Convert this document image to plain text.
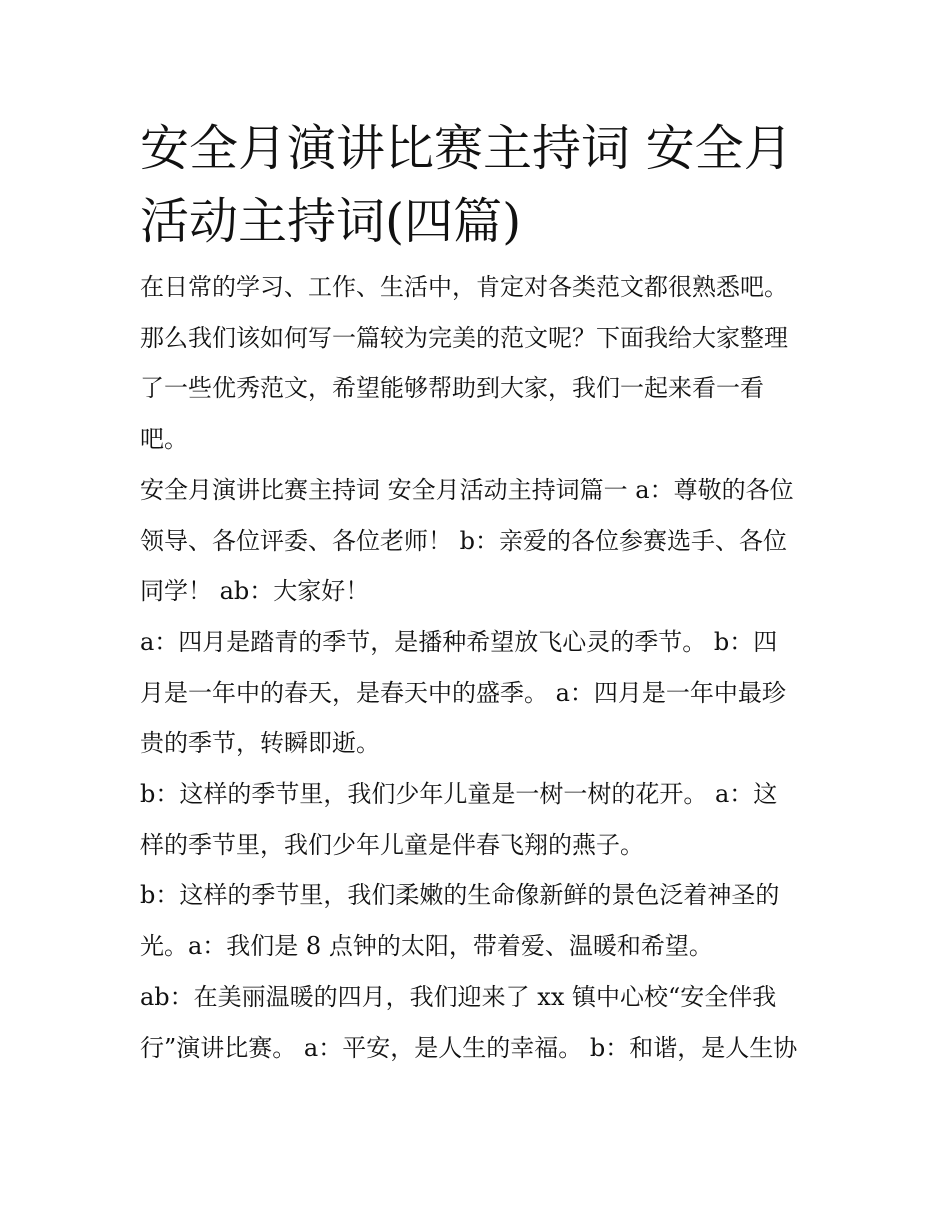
安全月演讲比赛主持词 安全月
活动主持词(四篇)
在日常的学习、工作、生活中，肯定对各类范文都很熟悉吧。
那么我们该如何写一篇较为完美的范文呢？下面我给大家整理
了一些优秀范文，希望能够帮助到大家，我们一起来看一看
吧。
安全月演讲比赛主持词 安全月活动主持词篇一 a：尊敬的各位
领导、各位评委、各位老师！ b：亲爱的各位参赛选手、各位
同学！ ab：大家好！
a：四月是踏青的季节，是播种希望放飞心灵的季节。 b：四
月是一年中的春天，是春天中的盛季。 a：四月是一年中最珍
贵的季节，转瞬即逝。
b：这样的季节里，我们少年儿童是一树一树的花开。 a：这
样的季节里，我们少年儿童是伴春飞翔的燕子。
b：这样的季节里，我们柔嫩的生命像新鲜的景色泛着神圣的
光。a：我们是 8 点钟的太阳，带着爱、温暖和希望。
ab：在美丽温暖的四月，我们迎来了 xx 镇中心校“安全伴我
行”演讲比赛。 a：平安，是人生的幸福。 b：和谐，是人生协
